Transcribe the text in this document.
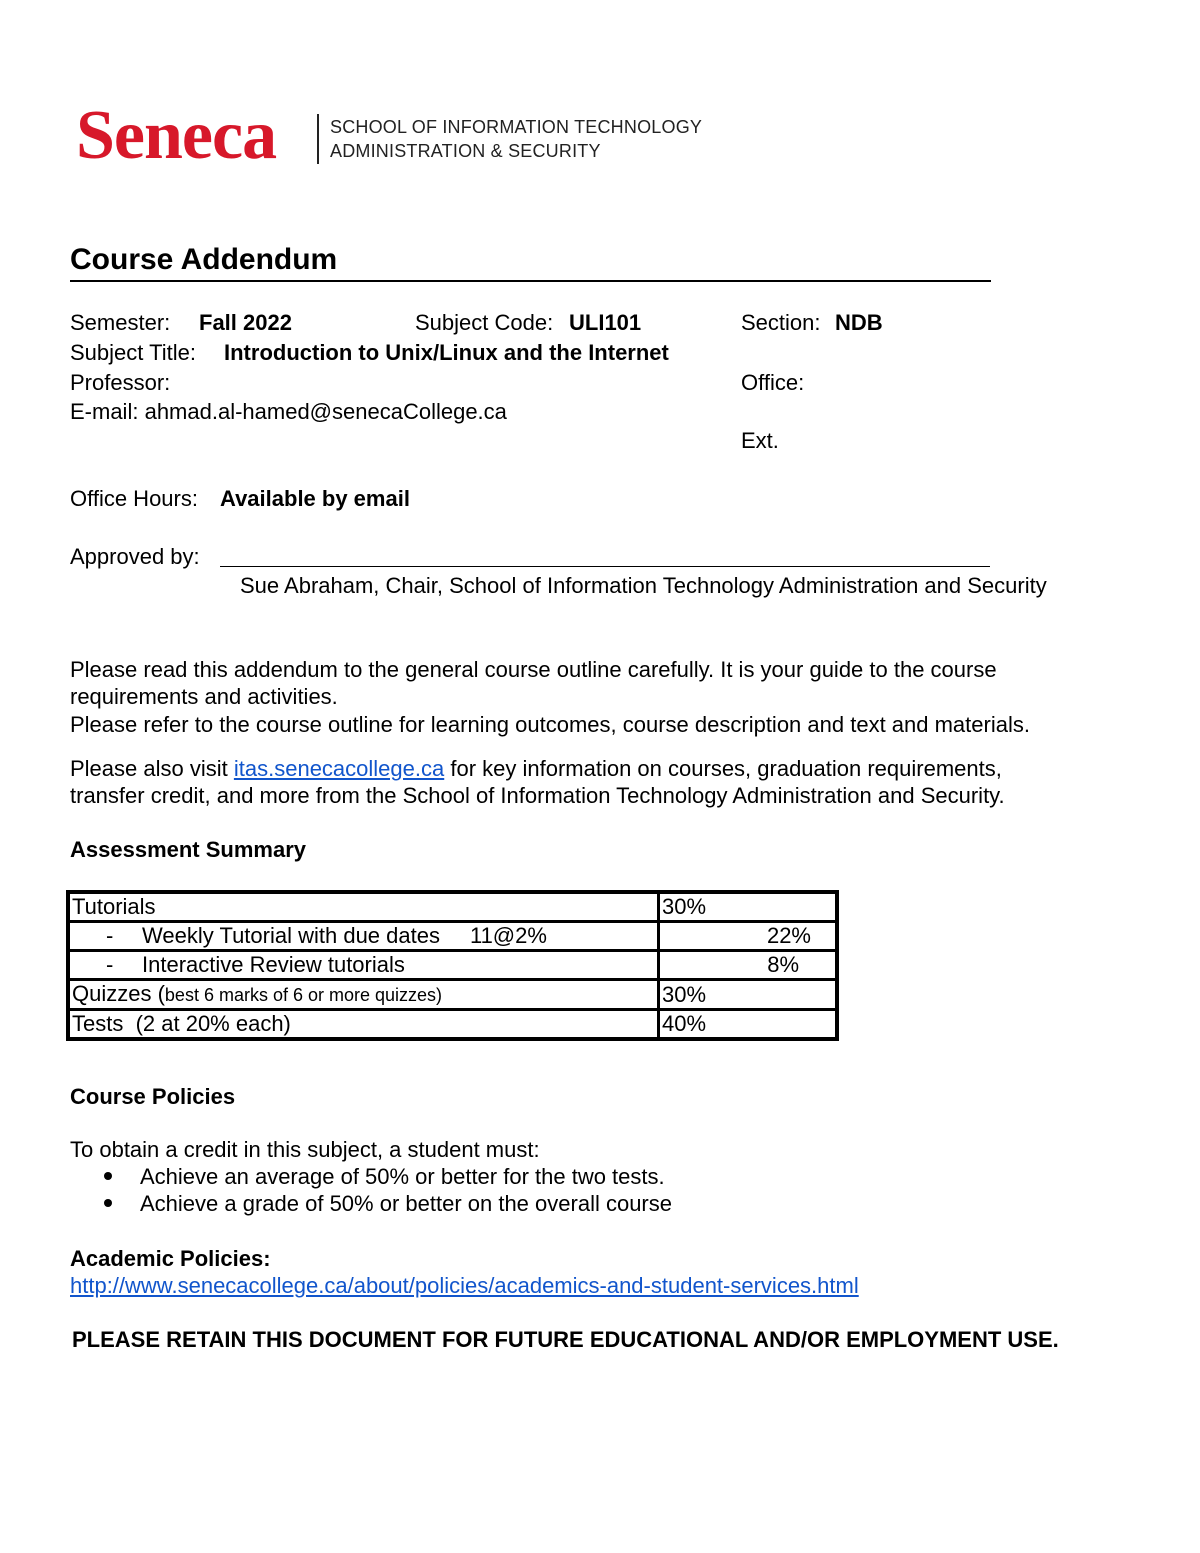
Seneca	SCHOOL OF INFORMATION TECHNOLOGY
ADMINISTRATION & SECURITY
Course Addendum
Semester: Fall 2022	Subject Code: ULI101	Section: NDB
Subject Title: Introduction to Unix/Linux and the Internet
Professor:	Office:
E-mail: ahmad.al-hamed@senecaCollege.ca
Ext.
Office Hours: Available by email
Approved by:
Sue Abraham, Chair, School of Information Technology Administration and Security
Please read this addendum to the general course outline carefully. It is your guide to the course
requirements and activities.
Please refer to the course outline for learning outcomes, course description and text and materials.
Please also visit itas.senecacollege.ca for key information on courses, graduation requirements,
transfer credit, and more from the School of Information Technology Administration and Security.
Assessment Summary
Tutorials	30%
- Weekly Tutorial with due dates 11@2%	22%
- Interactive Review tutorials	8%
Quizzes (best 6 marks of 6 or more quizzes)	30%
Tests  (2 at 20% each)	40%
Course Policies
To obtain a credit in this subject, a student must:
Achieve an average of 50% or better for the two tests.
Achieve a grade of 50% or better on the overall course
Academic Policies:
http://www.senecacollege.ca/about/policies/academics-and-student-services.html
PLEASE RETAIN THIS DOCUMENT FOR FUTURE EDUCATIONAL AND/OR EMPLOYMENT USE.
